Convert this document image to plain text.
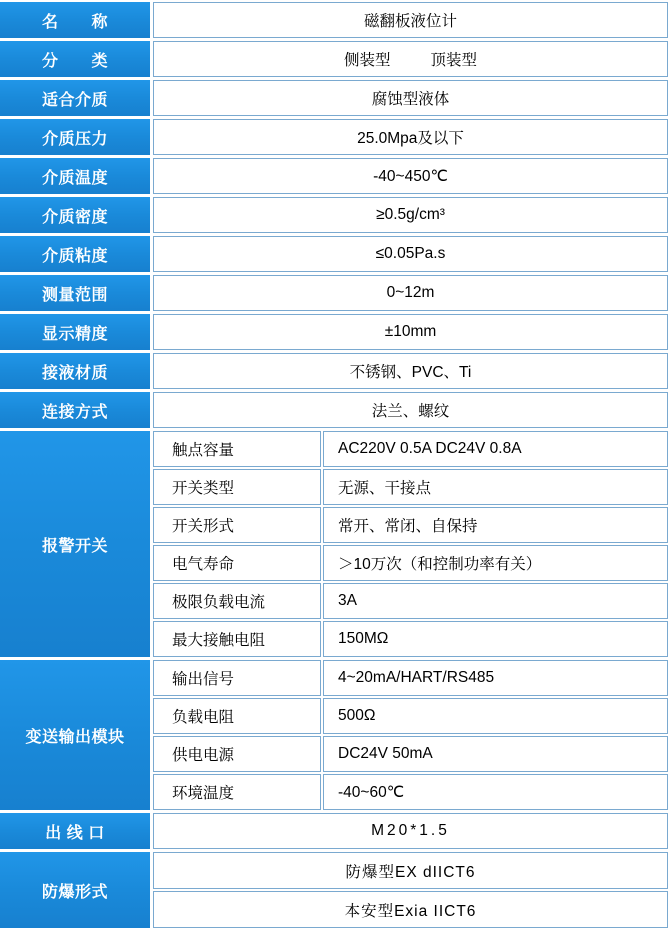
名　　称	磁翻板液位计
分　　类	侧装型	顶装型
适合介质	腐蚀型液体
介质压力	25.0Mpa及以下
介质温度	-40~450℃
介质密度	≥0.5g/cm³
介质粘度	≤0.05Pa.s
测量范围	0~12m
显示精度	±10mm
接液材质	不锈钢、PVC、Ti
连接方式	法兰、螺纹
报警开关
触点容量	AC220V 0.5A DC24V 0.8A
开关类型	无源、干接点
开关形式	常开、常闭、自保持
电气寿命	＞10万次（和控制功率有关）
极限负载电流	3A
最大接触电阻	150MΩ
变送输出模块
输出信号	4~20mA/HART/RS485
负载电阻	500Ω
供电电源	DC24V 50mA
环境温度	-40~60℃
出 线 口	M20*1.5
防爆形式
防爆型EX dIICT6
本安型Exia IICT6
